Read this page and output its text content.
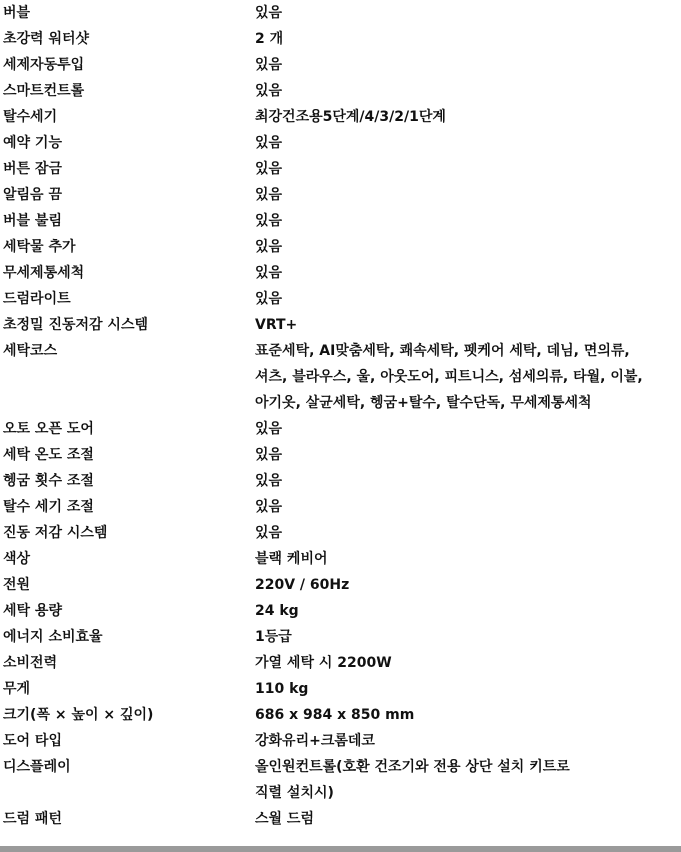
버블	있음
초강력 워터샷	2 개
세제자동투입	있음
스마트컨트롤	있음
탈수세기	최강건조용5단계/4/3/2/1단계
예약 기능	있음
버튼 잠금	있음
알림음 끔	있음
버블 불림	있음
세탁물 추가	있음
무세제통세척	있음
드럼라이트	있음
초정밀 진동저감 시스템	VRT+
세탁코스	표준세탁, AI맞춤세탁, 쾌속세탁, 펫케어 세탁, 데님, 면의류,
셔츠, 블라우스, 울, 아웃도어, 피트니스, 섬세의류, 타월, 이불,
아기옷, 살균세탁, 헹굼+탈수, 탈수단독, 무세제통세척
오토 오픈 도어	있음
세탁 온도 조절	있음
헹굼 횟수 조절	있음
탈수 세기 조절	있음
진동 저감 시스템	있음
색상	블랙 케비어
전원	220V / 60Hz
세탁 용량	24 kg
에너지 소비효율	1등급
소비전력	가열 세탁 시 2200W
무게	110 kg
크기(폭 × 높이 × 깊이)	686 x 984 x 850 mm
도어 타입	강화유리+크롬데코
디스플레이	올인원컨트롤(호환 건조기와 전용 상단 설치 키트로
직렬 설치시)
드럼 패턴	스월 드럼
